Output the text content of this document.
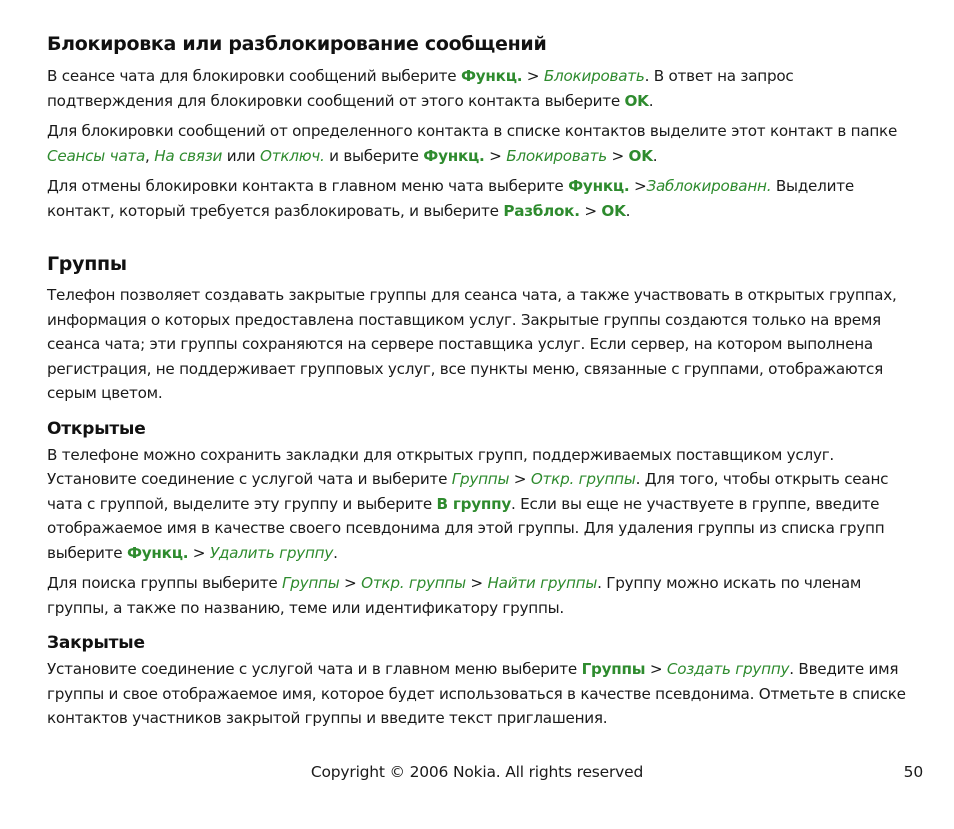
Блокировка или разблокирование сообщений

В сеансе чата для блокировки сообщений выберите Функц. > Блокировать. В ответ на запрос подтверждения для блокировки сообщений от этого контакта выберите OK.

Для блокировки сообщений от определенного контакта в списке контактов выделите этот контакт в папке Сеансы чата, На связи или Отключ. и выберите Функц. > Блокировать > OK.

Для отмены блокировки контакта в главном меню чата выберите Функц. >Заблокированн. Выделите контакт, который требуется разблокировать, и выберите Разблок. > OK.

Группы

Телефон позволяет создавать закрытые группы для сеанса чата, а также участвовать в открытых группах, информация о которых предоставлена поставщиком услуг. Закрытые группы создаются только на время сеанса чата; эти группы сохраняются на сервере поставщика услуг. Если сервер, на котором выполнена регистрация, не поддерживает групповых услуг, все пункты меню, связанные с группами, отображаются серым цветом.

Открытые

В телефоне можно сохранить закладки для открытых групп, поддерживаемых поставщиком услуг. Установите соединение с услугой чата и выберите Группы > Откр. группы. Для того, чтобы открыть сеанс чата с группой, выделите эту группу и выберите В группу. Если вы еще не участвуете в группе, введите отображаемое имя в качестве своего псевдонима для этой группы. Для удаления группы из списка групп выберите Функц. > Удалить группу.

Для поиска группы выберите Группы > Откр. группы > Найти группы. Группу можно искать по членам группы, а также по названию, теме или идентификатору группы.

Закрытые

Установите соединение с услугой чата и в главном меню выберите Группы > Создать группу. Введите имя группы и свое отображаемое имя, которое будет использоваться в качестве псевдонима. Отметьте в списке контактов участников закрытой группы и введите текст приглашения.

Copyright © 2006 Nokia. All rights reserved	50
